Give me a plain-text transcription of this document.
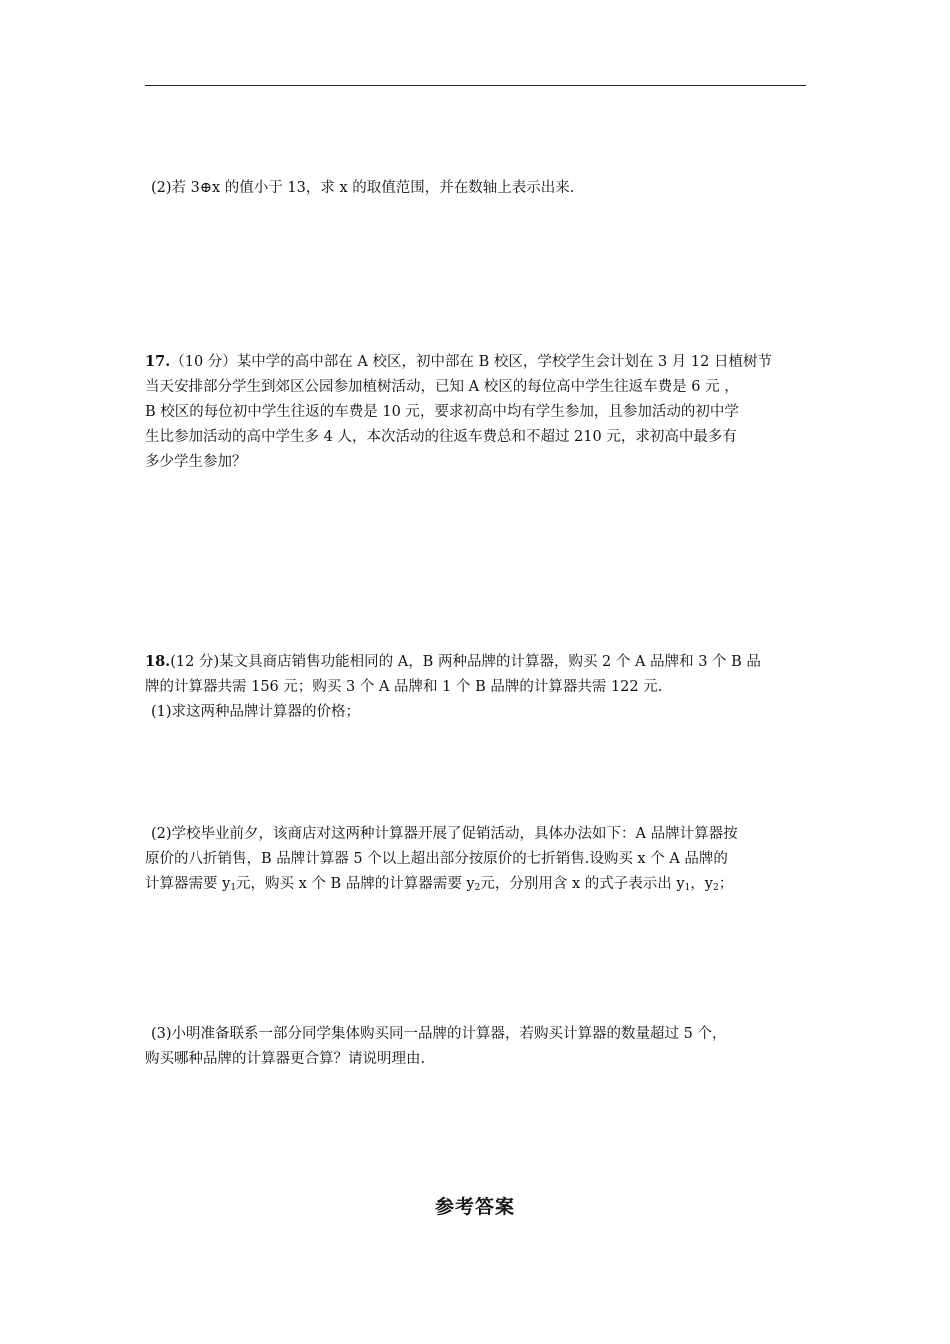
(2)若 3⊕x 的值小于 13，求 x 的取值范围，并在数轴上表示出来.
17.（10 分）某中学的高中部在 A 校区，初中部在 B 校区，学校学生会计划在 3 月 12 日植树节
当天安排部分学生到郊区公园参加植树活动，已知 A 校区的每位高中学生往返车费是 6 元 ，
B 校区的每位初中学生往返的车费是 10 元，要求初高中均有学生参加，且参加活动的初中学
生比参加活动的高中学生多 4 人，本次活动的往返车费总和不超过 210 元，求初高中最多有
多少学生参加？
18.(12 分)某文具商店销售功能相同的 A，B 两种品牌的计算器，购买 2 个 A 品牌和 3 个 B 品
牌的计算器共需 156 元；购买 3 个 A 品牌和 1 个 B 品牌的计算器共需 122 元.
(1)求这两种品牌计算器的价格；
(2)学校毕业前夕，该商店对这两种计算器开展了促销活动，具体办法如下：A 品牌计算器按
原价的八折销售，B 品牌计算器 5 个以上超出部分按原价的七折销售.设购买 x 个 A 品牌的
计算器需要 $y_1$元，购买 x 个 B 品牌的计算器需要 $y_2$元，分别用含 x 的式子表示出 $y_1$，$y_2$；
(3)小明准备联系一部分同学集体购买同一品牌的计算器，若购买计算器的数量超过 5 个，
购买哪种品牌的计算器更合算？请说明理由.
参考答案
